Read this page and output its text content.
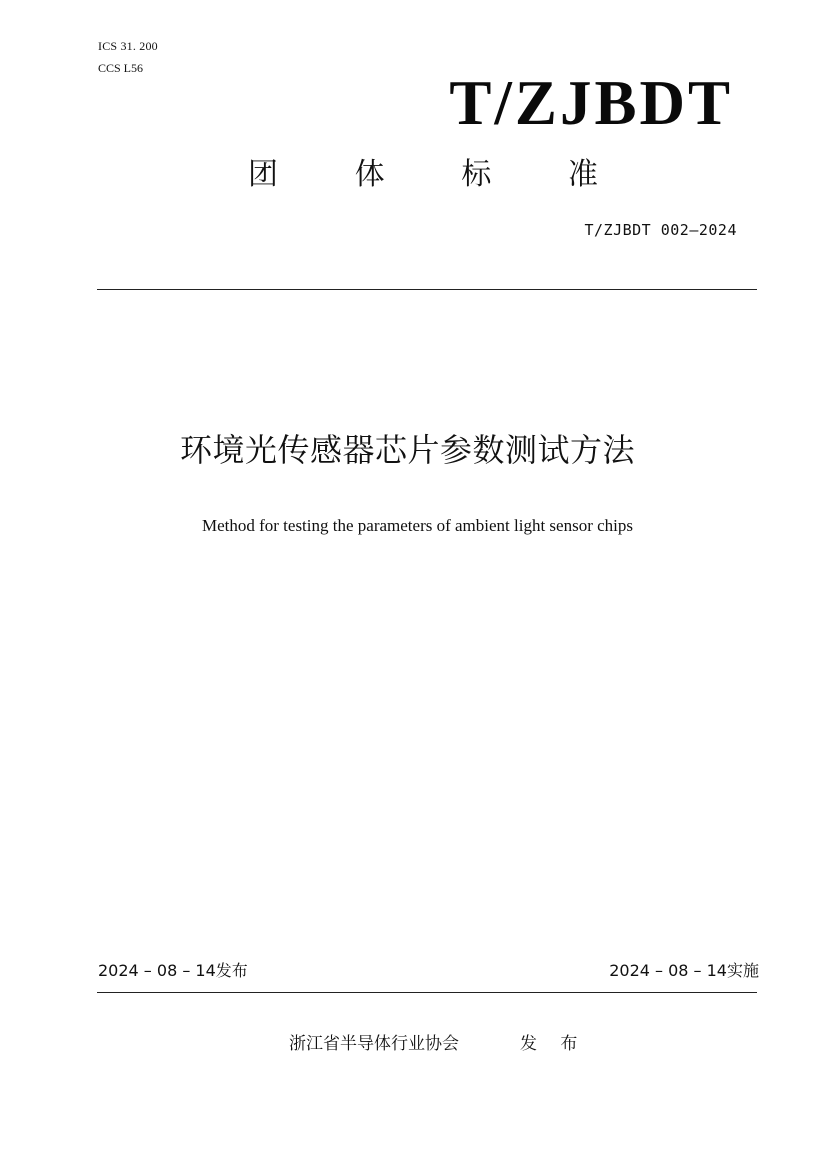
ICS 31. 200
CCS L56	T/ZJBDT
团	体	标	准
T/ZJBDT 002—2024
环境光传感器芯片参数测试方法
Method for testing the parameters of ambient light sensor chips
2024 – 08 – 14发布	2024 – 08 – 14实施
浙江省半导体行业协会	发 布
